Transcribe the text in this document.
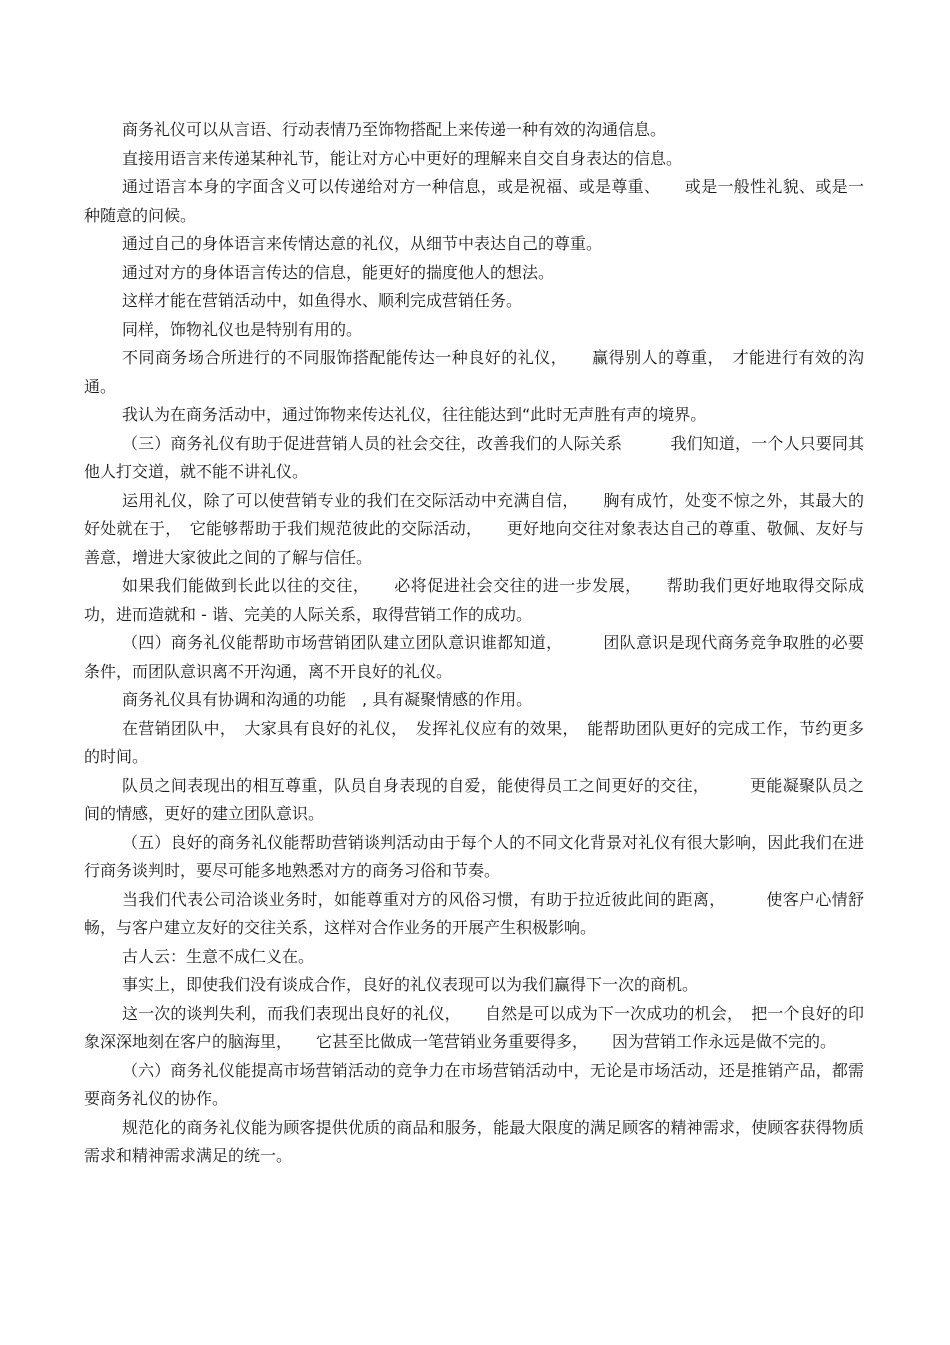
商务礼仪可以从言语、行动表情乃至饰物搭配上来传递一种有效的沟通信息。

直接用语言来传递某种礼节，能让对方心中更好的理解来自交自身表达的信息。

通过语言本身的字面含义可以传递给对方一种信息，或是祝福、或是尊重、　　或是一般性礼貌、或是一种随意的问候。

通过自己的身体语言来传情达意的礼仪，从细节中表达自己的尊重。

通过对方的身体语言传达的信息，能更好的揣度他人的想法。

这样才能在营销活动中，如鱼得水、顺利完成营销任务。

同样，饰物礼仪也是特别有用的。

不同商务场合所进行的不同服饰搭配能传达一种良好的礼仪，　　赢得别人的尊重，　才能进行有效的沟通。

我认为在商务活动中，通过饰物来传达礼仪，往往能达到“此时无声胜有声的境界。

（三）商务礼仪有助于促进营销人员的社会交往，改善我们的人际关系　　　我们知道，一个人只要同其他人打交道，就不能不讲礼仪。

运用礼仪，除了可以使营销专业的我们在交际活动中充满自信，　　胸有成竹，处变不惊之外，其最大的好处就在于，　它能够帮助于我们规范彼此的交际活动，　　更好地向交往对象表达自己的尊重、敬佩、友好与善意，增进大家彼此之间的了解与信任。

如果我们能做到长此以往的交往，　　必将促进社会交往的进一步发展，　　帮助我们更好地取得交际成功，进而造就和 - 谐、完美的人际关系，取得营销工作的成功。

（四）商务礼仪能帮助市场营销团队建立团队意识谁都知道，　　　团队意识是现代商务竞争取胜的必要条件，而团队意识离不开沟通，离不开良好的礼仪。

商务礼仪具有协调和沟通的功能　, 具有凝聚情感的作用。

在营销团队中，　大家具有良好的礼仪，　发挥礼仪应有的效果，　能帮助团队更好的完成工作，节约更多的时间。

队员之间表现出的相互尊重，队员自身表现的自爱，能使得员工之间更好的交往，　　　更能凝聚队员之间的情感，更好的建立团队意识。

（五）良好的商务礼仪能帮助营销谈判活动由于每个人的不同文化背景对礼仪有很大影响，因此我们在进行商务谈判时，要尽可能多地熟悉对方的商务习俗和节奏。

当我们代表公司洽谈业务时，如能尊重对方的风俗习惯，有助于拉近彼此间的距离，　　　使客户心情舒畅，与客户建立友好的交往关系，这样对合作业务的开展产生积极影响。

古人云：生意不成仁义在。

事实上，即使我们没有谈成合作，良好的礼仪表现可以为我们赢得下一次的商机。

这一次的谈判失利，而我们表现出良好的礼仪，　　自然是可以成为下一次成功的机会，　把一个良好的印象深深地刻在客户的脑海里，　　它甚至比做成一笔营销业务重要得多，　　因为营销工作永远是做不完的。

（六）商务礼仪能提高市场营销活动的竞争力在市场营销活动中，无论是市场活动，还是推销产品，都需要商务礼仪的协作。

规范化的商务礼仪能为顾客提供优质的商品和服务，能最大限度的满足顾客的精神需求，使顾客获得物质需求和精神需求满足的统一。
